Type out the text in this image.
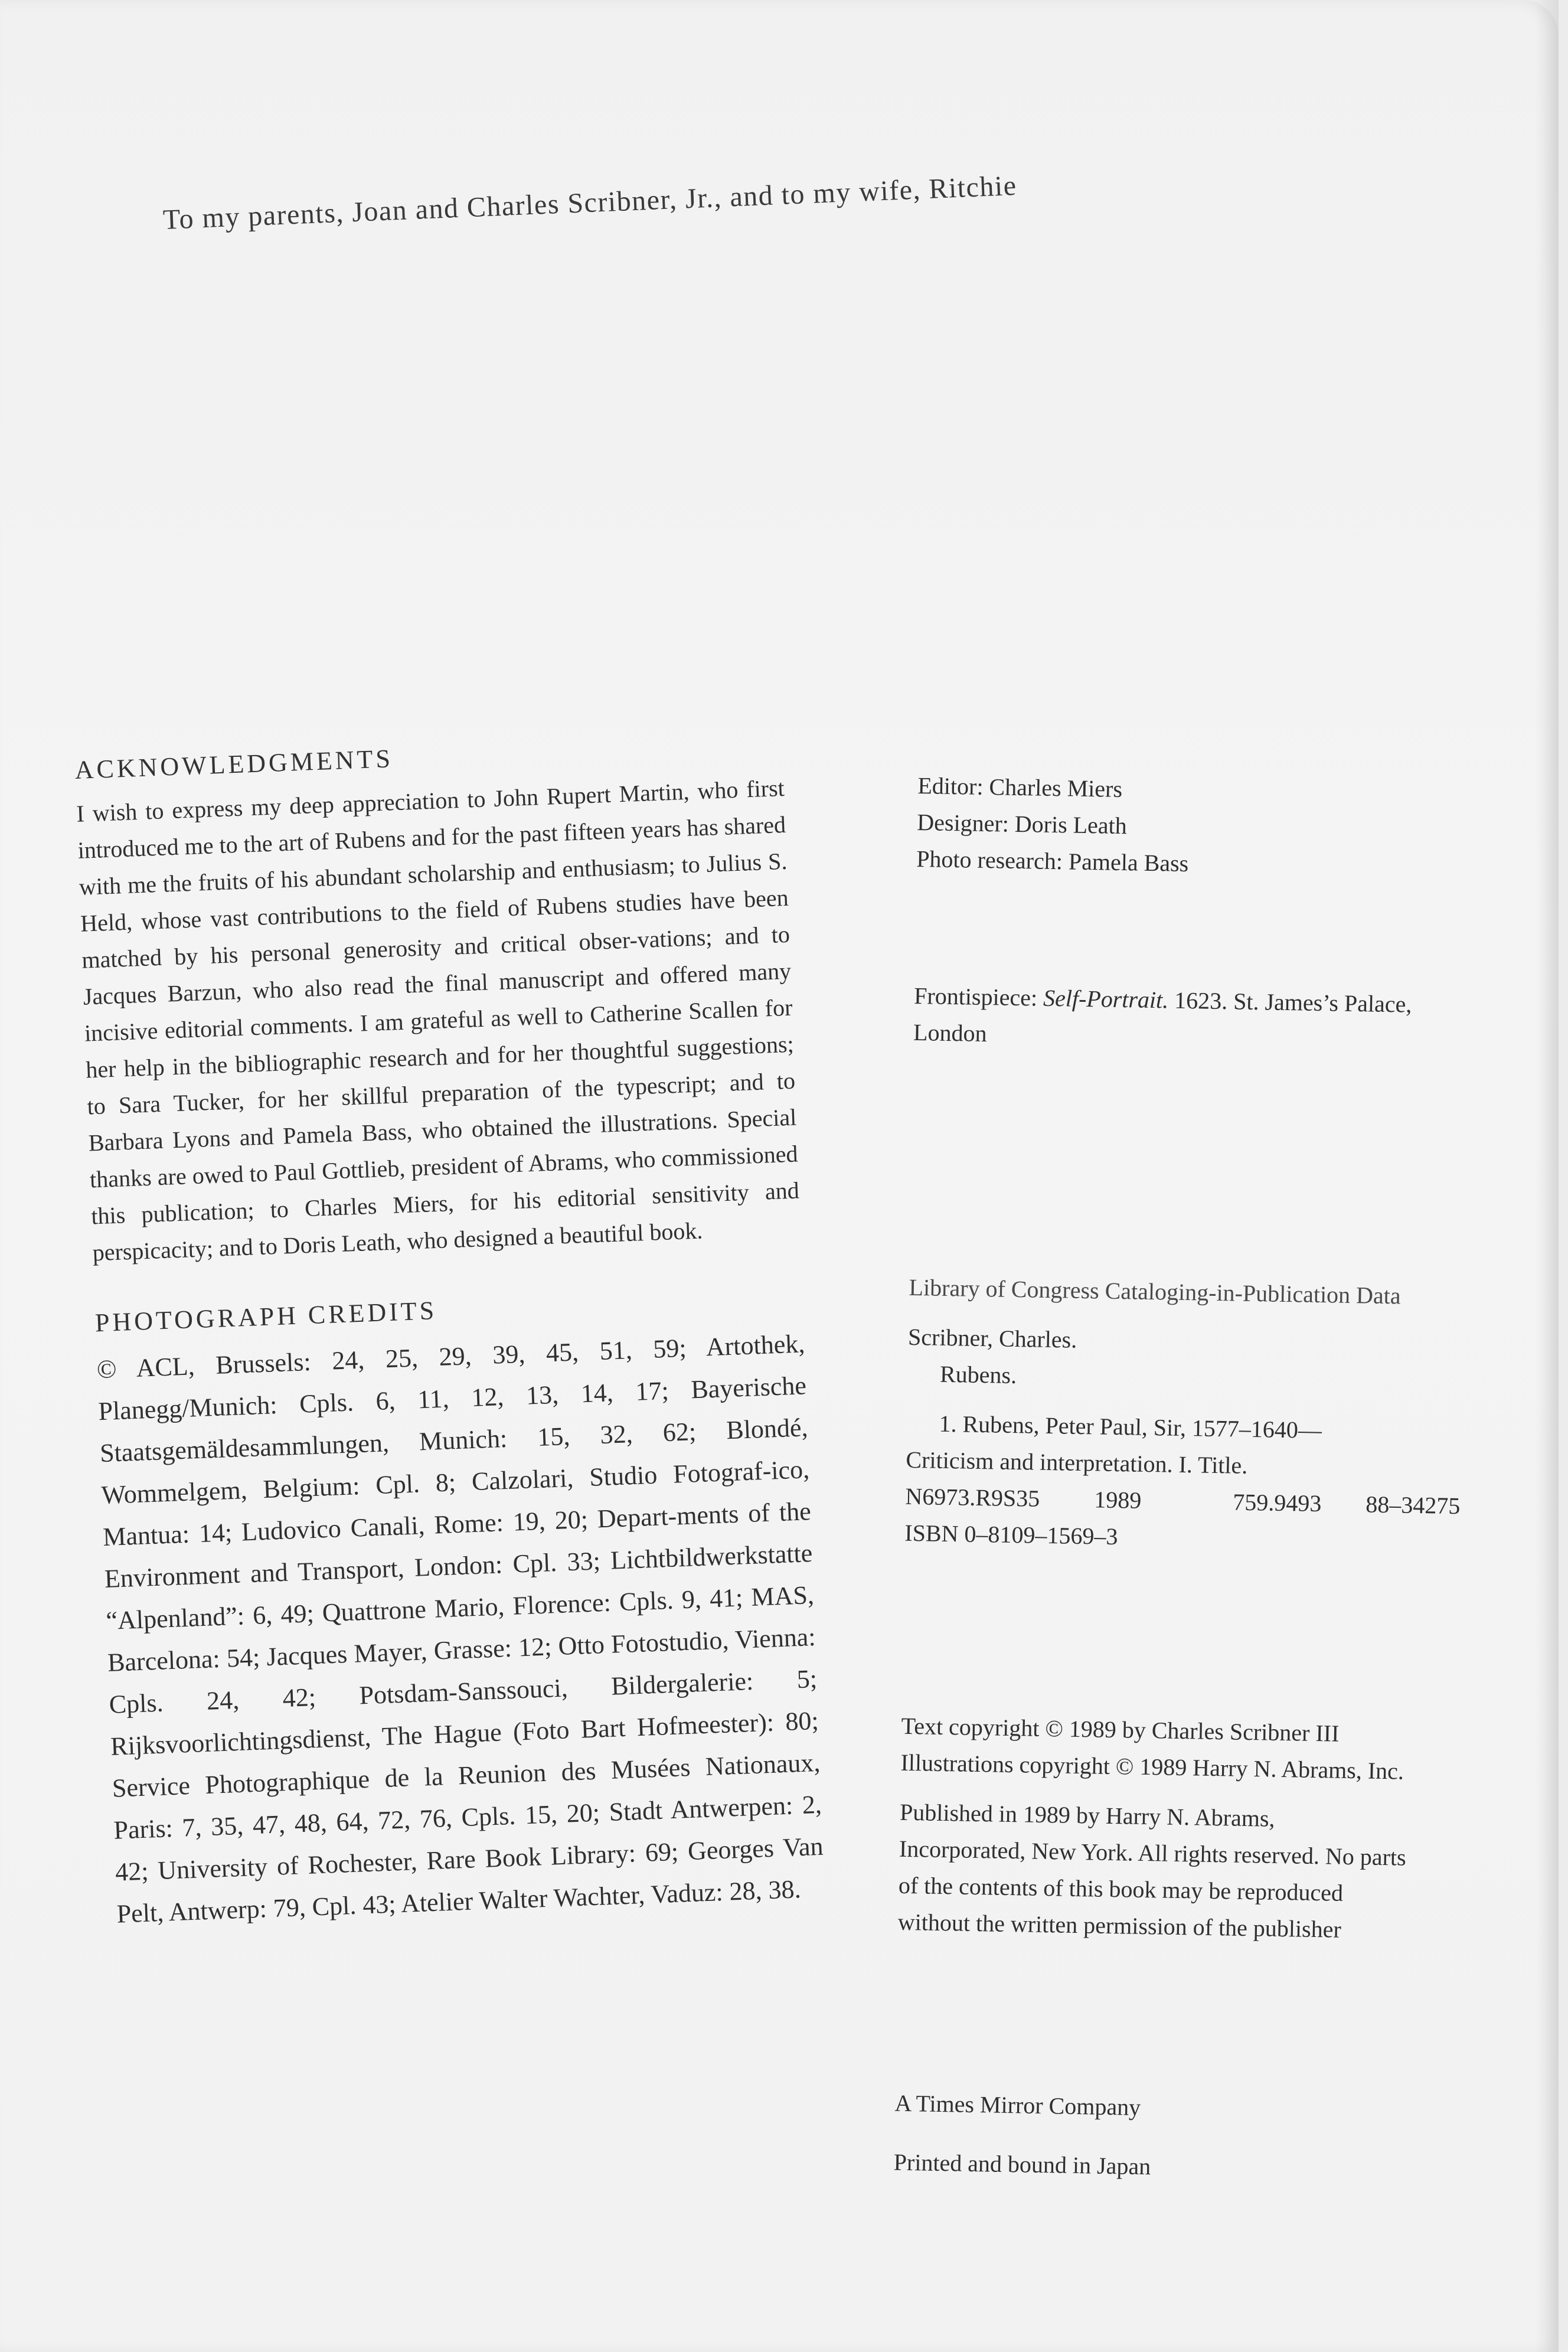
To my parents, Joan and Charles Scribner, Jr., and to my wife, Ritchie
ACKNOWLEDGMENTS
I wish to express my deep appreciation to John Rupert Martin, who first introduced me to the art of Rubens and for the past fifteen years has shared with me the fruits of his abundant scholarship and enthusiasm; to Julius S. Held, whose vast contributions to the field of Rubens studies have been matched by his personal generosity and critical obser-vations; and to Jacques Barzun, who also read the final manuscript and offered many incisive editorial comments. I am grateful as well to Catherine Scallen for her help in the bibliographic research and for her thoughtful suggestions; to Sara Tucker, for her skillful preparation of the typescript; and to Barbara Lyons and Pamela Bass, who obtained the illustrations. Special thanks are owed to Paul Gottlieb, president of Abrams, who commissioned this publication; to Charles Miers, for his editorial sensitivity and perspicacity; and to Doris Leath, who designed a beautiful book.
PHOTOGRAPH CREDITS
© ACL, Brussels: 24, 25, 29, 39, 45, 51, 59; Artothek, Planegg/Munich: Cpls. 6, 11, 12, 13, 14, 17; Bayerische Staatsgemäldesammlungen, Munich: 15, 32, 62; Blondé, Wommelgem, Belgium: Cpl. 8; Calzolari, Studio Fotograf-ico, Mantua: 14; Ludovico Canali, Rome: 19, 20; Depart-ments of the Environment and Transport, London: Cpl. 33; Lichtbildwerkstatte “Alpenland”: 6, 49; Quattrone Mario, Florence: Cpls. 9, 41; MAS, Barcelona: 54; Jacques Mayer, Grasse: 12; Otto Fotostudio, Vienna: Cpls. 24, 42; Potsdam-Sanssouci, Bildergalerie: 5; Rijksvoorlichtingsdienst, The Hague (Foto Bart Hofmeester): 80; Service Photographique de la Reunion des Musées Nationaux, Paris: 7, 35, 47, 48, 64, 72, 76, Cpls. 15, 20; Stadt Antwerpen: 2, 42; University of Rochester, Rare Book Library: 69; Georges Van Pelt, Antwerp: 79, Cpl. 43; Atelier Walter Wachter, Vaduz: 28, 38.
Editor: Charles Miers
Designer: Doris Leath
Photo research: Pamela Bass
Frontispiece: Self-Portrait. 1623. St. James’s Palace,
London
Library of Congress Cataloging-in-Publication Data
Scribner, Charles.
Rubens.
1. Rubens, Peter Paul, Sir, 1577–1640—
Criticism and interpretation. I. Title.
N6973.R9S35	1989	759.9493	88–34275
ISBN 0–8109–1569–3
Text copyright © 1989 by Charles Scribner III
Illustrations copyright © 1989 Harry N. Abrams, Inc.
Published in 1989 by Harry N. Abrams,
Incorporated, New York. All rights reserved. No parts
of the contents of this book may be reproduced
without the written permission of the publisher
A Times Mirror Company
Printed and bound in Japan
